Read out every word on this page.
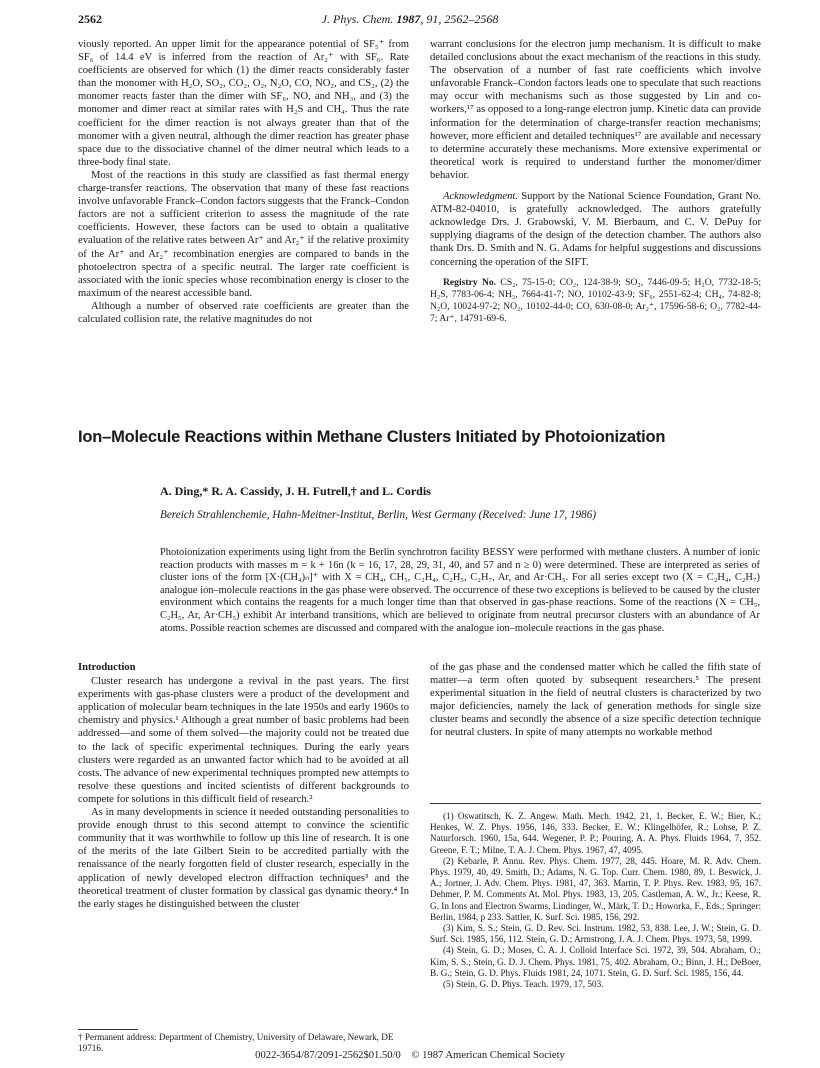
2562	J. Phys. Chem. 1987, 91, 2562–2568

viously reported. An upper limit for the appearance potential of SF₅⁺ from SF₆ of 14.4 eV is inferred from the reaction of Ar₂⁺ with SF₆. Rate coefficients are observed for which (1) the dimer reacts considerably faster than the monomer with H₂O, SO₂, CO₂, O₂, N₂O, CO, NO₂, and CS₂, (2) the monomer reacts faster than the dimer with SF₆, NO, and NH₃, and (3) the monomer and dimer react at similar rates with H₂S and CH₄. Thus the rate coefficient for the dimer reaction is not always greater than that of the monomer with a given neutral, although the dimer reaction has greater phase space due to the dissociative channel of the dimer neutral which leads to a three-body final state.

Most of the reactions in this study are classified as fast thermal energy charge-transfer reactions. The observation that many of these fast reactions involve unfavorable Franck–Condon factors suggests that the Franck–Condon factors are not a sufficient criterion to assess the magnitude of the rate coefficients. However, these factors can be used to obtain a qualitative evaluation of the relative rates between Ar⁺ and Ar₂⁺ if the relative proximity of the Ar⁺ and Ar₂⁺ recombination energies are compared to bands in the photoelectron spectra of a specific neutral. The larger rate coefficient is associated with the ionic species whose recombination energy is closer to the maximum of the nearest accessible band.

Although a number of observed rate coefficients are greater than the calculated collision rate, the relative magnitudes do not

warrant conclusions for the electron jump mechanism. It is difficult to make detailed conclusions about the exact mechanism of the reactions in this study. The observation of a number of fast rate coefficients which involve unfavorable Franck–Condon factors leads one to speculate that such reactions may occur with mechanisms such as those suggested by Lin and co-workers,¹⁷ as opposed to a long-range electron jump. Kinetic data can provide information for the determination of charge-transfer reaction mechanisms; however, more efficient and detailed techniques¹⁷ are available and necessary to determine accurately these mechanisms. More extensive experimental or theoretical work is required to understand further the monomer/dimer behavior.

Acknowledgment. Support by the National Science Foundation, Grant No. ATM-82-04010, is gratefully acknowledged. The authors gratefully acknowledge Drs. J. Grabowski, V. M. Bierbaum, and C. V. DePuy for supplying diagrams of the design of the detection chamber. The authors also thank Drs. D. Smith and N. G. Adams for helpful suggestions and discussions concerning the operation of the SIFT.

Registry No. CS₂, 75-15-0; CO₂, 124-38-9; SO₂, 7446-09-5; H₂O, 7732-18-5; H₂S, 7783-06-4; NH₃, 7664-41-7; NO, 10102-43-9; SF₆, 2551-62-4; CH₄, 74-82-8; N₂O, 10024-97-2; NO₂, 10102-44-0; CO, 630-08-0; Ar₂⁺, 17596-58-6; O₂, 7782-44-7; Ar⁺, 14791-69-6.

Ion–Molecule Reactions within Methane Clusters Initiated by Photoionization
A. Ding,* R. A. Cassidy, J. H. Futrell,† and L. Cordis
Bereich Strahlenchemie, Hahn-Meitner-Institut, Berlin, West Germany (Received: June 17, 1986)
Photoionization experiments using light from the Berlin synchrotron facility BESSY were performed with methane clusters. A number of ionic reaction products with masses m = k + 16n (k = 16, 17, 28, 29, 31, 40, and 57 and n ≥ 0) were determined. These are interpreted as series of cluster ions of the form [X·(CH₄)ₙ]⁺ with X = CH₄, CH₅, C₂H₄, C₂H₅, C₂H₇, Ar, and Ar·CH₅. For all series except two (X = C₂H₄, C₂H₇) analogue ion–molecule reactions in the gas phase were observed. The occurrence of these two exceptions is believed to be caused by the cluster environment which contains the reagents for a much longer time than that observed in gas-phase reactions. Some of the reactions (X = CH₅, C₂H₅, Ar, Ar·CH₅) exhibit Ar interband transitions, which are believed to originate from neutral precursor clusters with an abundance of Ar atoms. Possible reaction schemes are discussed and compared with the analogue ion–molecule reactions in the gas phase.

Introduction

Cluster research has undergone a revival in the past years. The first experiments with gas-phase clusters were a product of the development and application of molecular beam techniques in the late 1950s and early 1960s to chemistry and physics.¹ Although a great number of basic problems had been addressed—and some of them solved—the majority could not be treated due to the lack of specific experimental techniques. During the early years clusters were regarded as an unwanted factor which had to be avoided at all costs. The advance of new experimental techniques prompted new attempts to resolve these questions and incited scientists of different backgrounds to compete for solutions in this difficult field of research.²

As in many developments in science it needed outstanding personalities to provide enough thrust to this second attempt to convince the scientific community that it was worthwhile to follow up this line of research. It is one of the merits of the late Gilbert Stein to be accredited partially with the renaissance of the nearly forgotten field of cluster research, especially in the application of newly developed electron diffraction techniques³ and the theoretical treatment of cluster formation by classical gas dynamic theory.⁴ In the early stages he distinguished between the cluster

of the gas phase and the condensed matter which he called the fifth state of matter—a term often quoted by subsequent researchers.⁵ The present experimental situation in the field of neutral clusters is characterized by two major deficiencies, namely the lack of generation methods for single size cluster beams and secondly the absence of a size specific detection technique for neutral clusters. In spite of many attempts no workable method

(1) Oswatitsch, K. Z. Angew. Math. Mech. 1942, 21, 1. Becker, E. W.; Bier, K.; Henkes, W. Z. Phys. 1956, 146, 333. Becker, E. W.; Klingelhöfer, R.; Lohse, P. Z. Naturforsch. 1960, 15a, 644. Wegener, P. P.; Pouring, A. A. Phys. Fluids 1964, 7, 352. Greene, F. T.; Milne, T. A. J. Chem. Phys. 1967, 47, 4095.

(2) Kebarle, P. Annu. Rev. Phys. Chem. 1977, 28, 445. Hoare, M. R. Adv. Chem. Phys. 1979, 40, 49. Smith, D.; Adams, N. G. Top. Curr. Chem. 1980, 89, 1. Beswick, J. A.; Jortner, J. Adv. Chem. Phys. 1981, 47, 363. Martin, T. P. Phys. Rev. 1983, 95, 167. Dehmer, P. M. Comments At. Mol. Phys. 1983, 13, 205. Castleman, A. W., Jr.; Keese, R. G. In Ions and Electron Swarms, Lindinger, W., Märk, T. D.; Howorka, F., Eds.; Springer: Berlin, 1984, p 233. Sattler, K. Surf. Sci. 1985, 156, 292.

(3) Kim, S. S.; Stein, G. D. Rev. Sci. Instrum. 1982, 53, 838. Lee, J. W.; Stein, G. D. Surf. Sci. 1985, 156, 112. Stein, G. D.; Armstrong, J. A. J. Chem. Phys. 1973, 58, 1999.

(4) Stein, G. D.; Moses, C. A. J. Colloid Interface Sci. 1972, 39, 504. Abraham, O.; Kim, S. S.; Stein, G. D. J. Chem. Phys. 1981, 75, 402. Abraham, O.; Binn, J. H.; DeBoer, B. G.; Stein, G. D. Phys. Fluids 1981, 24, 1071. Stein, G. D. Surf. Sci. 1985, 156, 44.

(5) Stein, G. D. Phys. Teach. 1979, 17, 503.

† Permanent address: Department of Chemistry, University of Delaware, Newark, DE 19716.
0022-3654/87/2091-2562$01.50/0 © 1987 American Chemical Society
